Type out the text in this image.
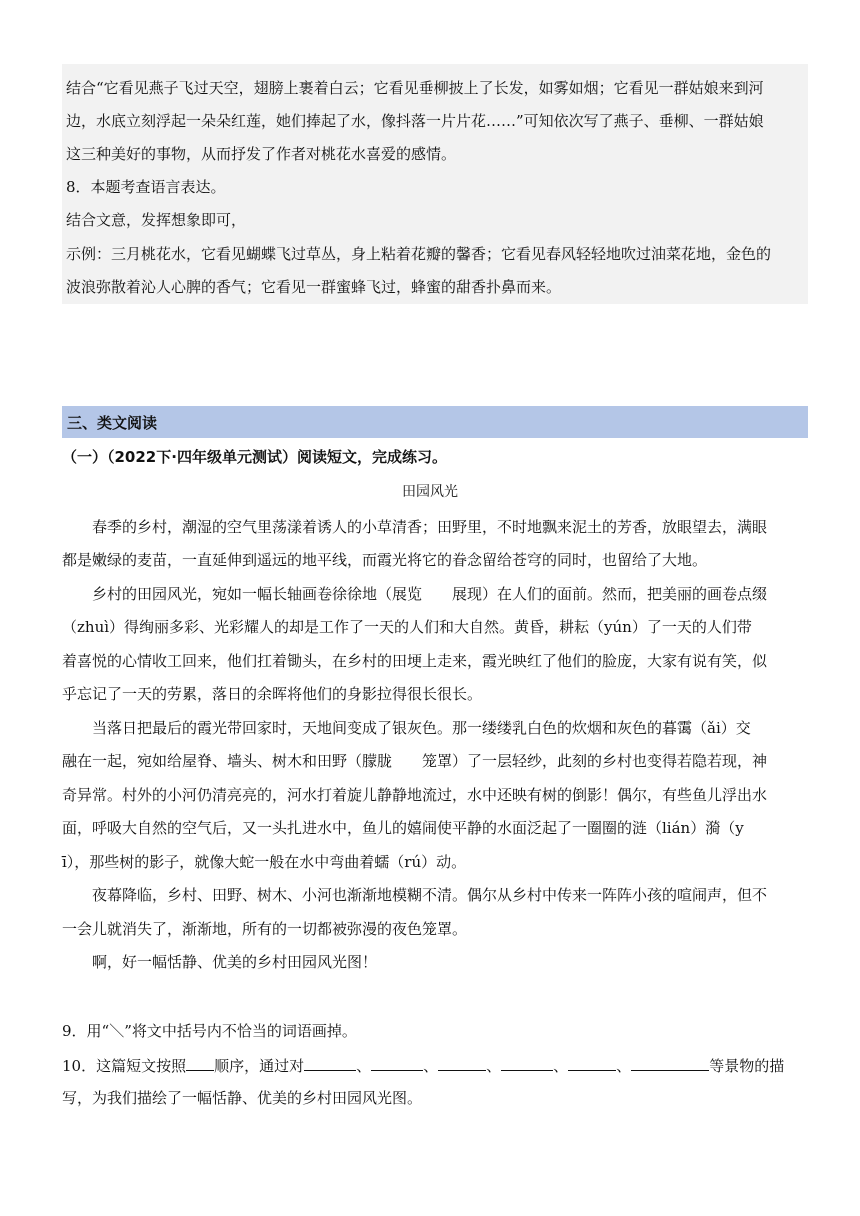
结合“它看见燕子飞过天空，翅膀上裹着白云；它看见垂柳披上了长发，如雾如烟；它看见一群姑娘来到河
边，水底立刻浮起一朵朵红莲，她们捧起了水，像抖落一片片花……”可知依次写了燕子、垂柳、一群姑娘
这三种美好的事物，从而抒发了作者对桃花水喜爱的感情。
8．本题考查语言表达。
结合文意，发挥想象即可，
示例：三月桃花水，它看见蝴蝶飞过草丛，身上粘着花瓣的馨香；它看见春风轻轻地吹过油菜花地，金色的
波浪弥散着沁人心脾的香气；它看见一群蜜蜂飞过，蜂蜜的甜香扑鼻而来。
三、类文阅读
（一）（2022下·四年级单元测试）阅读短文，完成练习。
田园风光
　　春季的乡村，潮湿的空气里荡漾着诱人的小草清香；田野里，不时地飘来泥土的芳香，放眼望去，满眼
都是嫩绿的麦苗，一直延伸到遥远的地平线，而霞光将它的眷念留给苍穹的同时，也留给了大地。
　　乡村的田园风光，宛如一幅长轴画卷徐徐地（展览　　展现）在人们的面前。然而，把美丽的画卷点缀
（zhuì）得绚丽多彩、光彩耀人的却是工作了一天的人们和大自然。黄昏，耕耘（yún）了一天的人们带
着喜悦的心情收工回来，他们扛着锄头，在乡村的田埂上走来，霞光映红了他们的脸庞，大家有说有笑，似
乎忘记了一天的劳累，落日的余晖将他们的身影拉得很长很长。
　　当落日把最后的霞光带回家时，天地间变成了银灰色。那一缕缕乳白色的炊烟和灰色的暮霭（ǎi）交
融在一起，宛如给屋脊、墙头、树木和田野（朦胧　　笼罩）了一层轻纱，此刻的乡村也变得若隐若现，神
奇异常。村外的小河仍清亮亮的，河水打着旋儿静静地流过，水中还映有树的倒影！偶尔，有些鱼儿浮出水
面，呼吸大自然的空气后，又一头扎进水中，鱼儿的嬉闹使平静的水面泛起了一圈圈的涟（lián）漪（y
ī），那些树的影子，就像大蛇一般在水中弯曲着蠕（rú）动。
　　夜幕降临，乡村、田野、树木、小河也渐渐地模糊不清。偶尔从乡村中传来一阵阵小孩的喧闹声，但不
一会儿就消失了，渐渐地，所有的一切都被弥漫的夜色笼罩。
　　啊，好一幅恬静、优美的乡村田园风光图！
9．用“＼”将文中括号内不恰当的词语画掉。
10．这篇短文按照 顺序，通过对	、	、	、	、	、	等景物的描
写，为我们描绘了一幅恬静、优美的乡村田园风光图。
